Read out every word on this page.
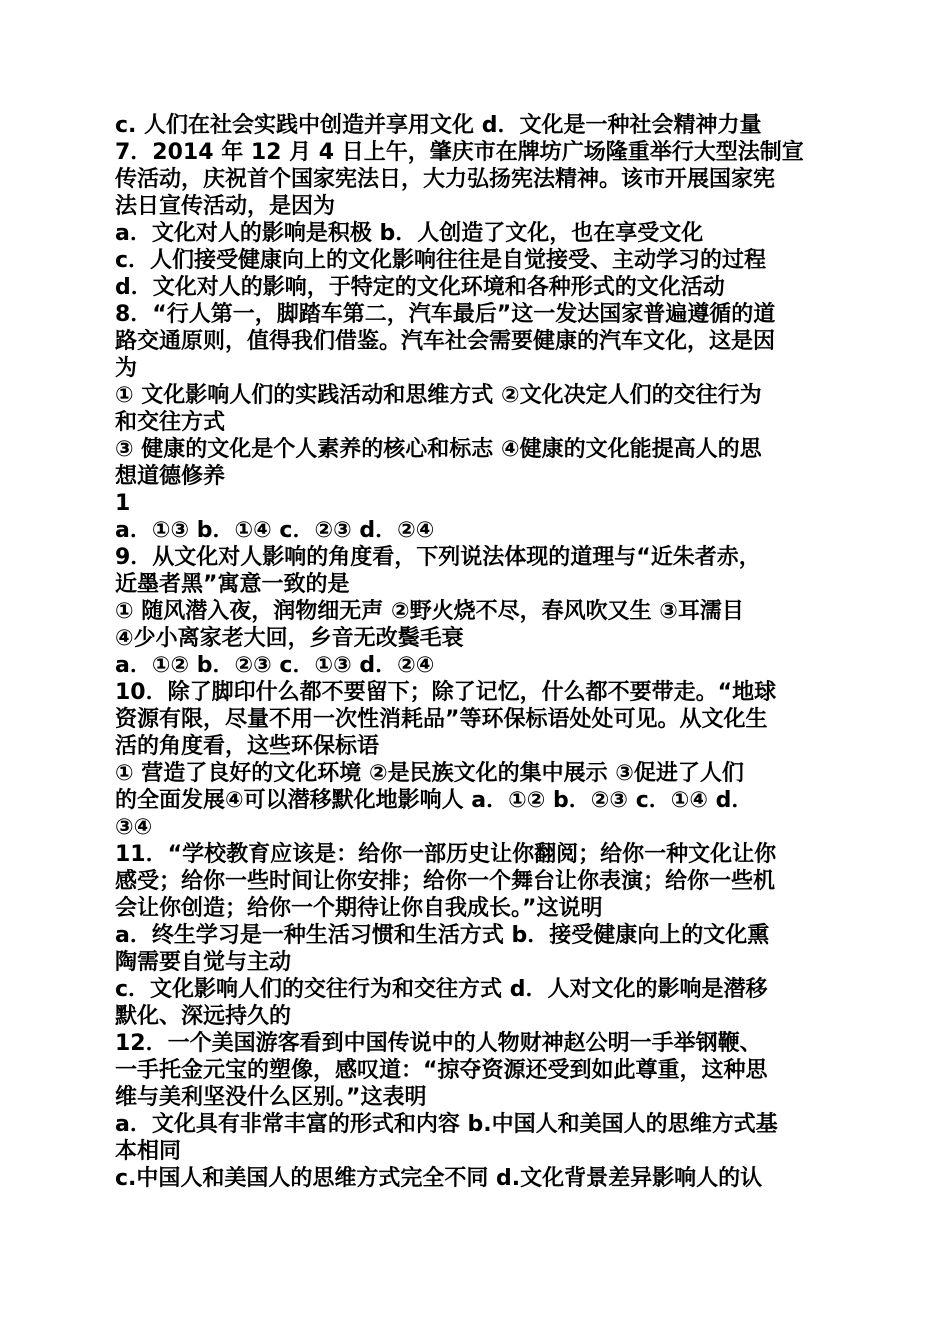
c. 人们在社会实践中创造并享用文化 d．文化是一种社会精神力量
7．2014 年 12 月 4 日上午，肇庆市在牌坊广场隆重举行大型法制宣
传活动，庆祝首个国家宪法日，大力弘扬宪法精神。该市开展国家宪
法日宣传活动，是因为
a．文化对人的影响是积极 b．人创造了文化，也在享受文化
c．人们接受健康向上的文化影响往往是自觉接受、主动学习的过程
d．文化对人的影响，于特定的文化环境和各种形式的文化活动
8．“行人第一，脚踏车第二，汽车最后”这一发达国家普遍遵循的道
路交通原则，值得我们借鉴。汽车社会需要健康的汽车文化，这是因
为
① 文化影响人们的实践活动和思维方式 ②文化决定人们的交往行为
和交往方式
③ 健康的文化是个人素养的核心和标志 ④健康的文化能提高人的思
想道德修养
1
a．①③ b．①④ c．②③ d．②④
9．从文化对人影响的角度看，下列说法体现的道理与“近朱者赤，
近墨者黑”寓意一致的是
① 随风潜入夜，润物细无声 ②野火烧不尽，春风吹又生 ③耳濡目
④少小离家老大回，乡音无改鬓毛衰
a．①② b．②③ c．①③ d．②④
10．除了脚印什么都不要留下；除了记忆，什么都不要带走。“地球
资源有限，尽量不用一次性消耗品”等环保标语处处可见。从文化生
活的角度看，这些环保标语
① 营造了良好的文化环境 ②是民族文化的集中展示 ③促进了人们
的全面发展④可以潜移默化地影响人 a．①② b．②③ c．①④ d．
③④
11．“学校教育应该是：给你一部历史让你翻阅；给你一种文化让你
感受；给你一些时间让你安排；给你一个舞台让你表演；给你一些机
会让你创造；给你一个期待让你自我成长。”这说明
a．终生学习是一种生活习惯和生活方式 b．接受健康向上的文化熏
陶需要自觉与主动
c．文化影响人们的交往行为和交往方式 d．人对文化的影响是潜移
默化、深远持久的
12．一个美国游客看到中国传说中的人物财神赵公明一手举钢鞭、
一手托金元宝的塑像，感叹道：“掠夺资源还受到如此尊重，这种思
维与美利坚没什么区别。”这表明
a．文化具有非常丰富的形式和内容 b.中国人和美国人的思维方式基
本相同
c.中国人和美国人的思维方式完全不同 d.文化背景差异影响人的认
